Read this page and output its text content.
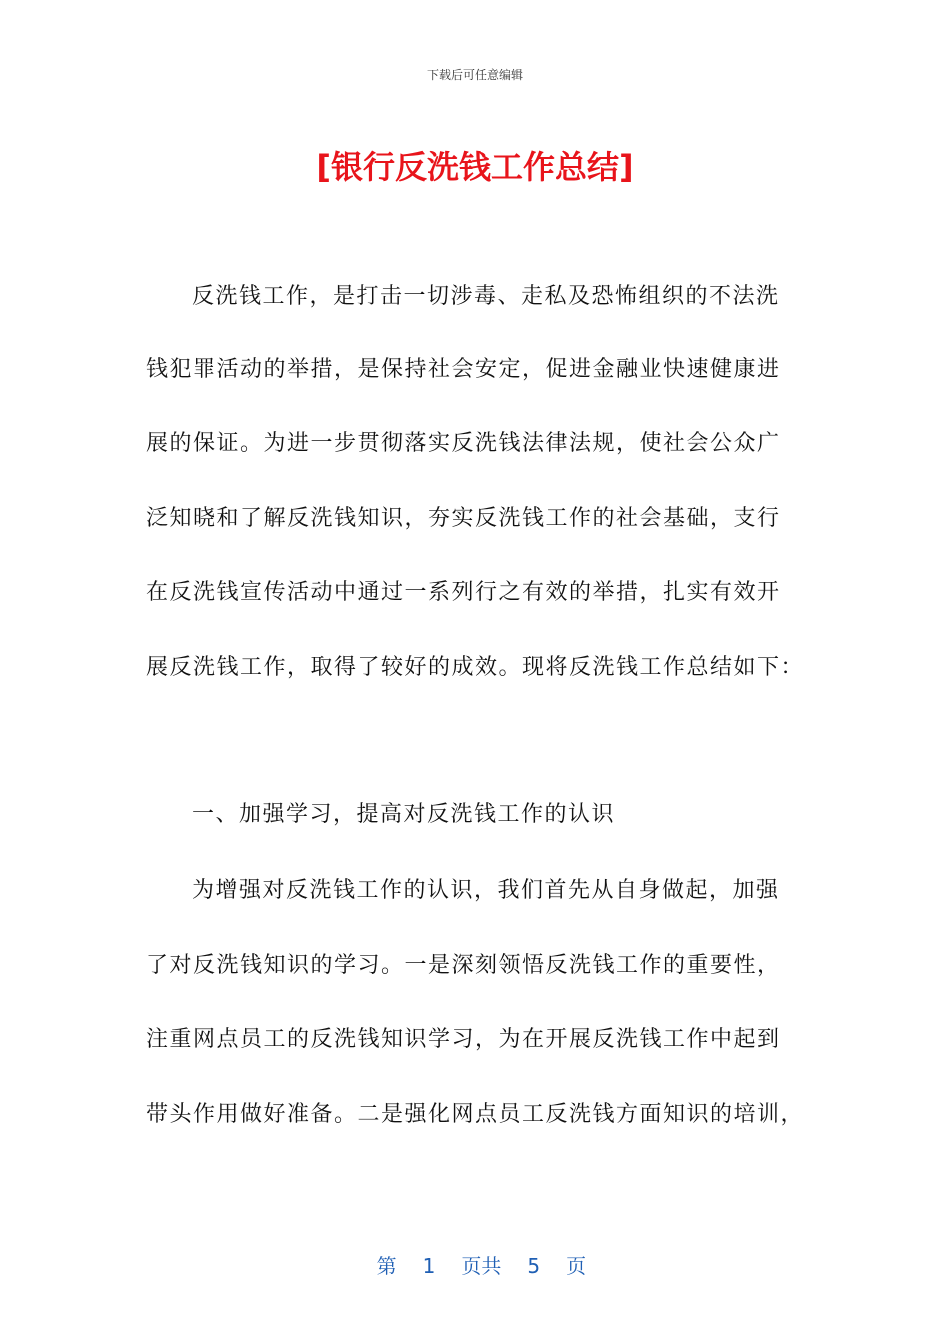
下载后可任意编辑
[银行反洗钱工作总结]
反洗钱工作，是打击一切涉毒、走私及恐怖组织的不法洗
钱犯罪活动的举措，是保持社会安定，促进金融业快速健康进
展的保证。为进一步贯彻落实反洗钱法律法规，使社会公众广
泛知晓和了解反洗钱知识，夯实反洗钱工作的社会基础，支行
在反洗钱宣传活动中通过一系列行之有效的举措，扎实有效开
展反洗钱工作，取得了较好的成效。现将反洗钱工作总结如下：
一、加强学习，提高对反洗钱工作的认识
为增强对反洗钱工作的认识，我们首先从自身做起，加强
了对反洗钱知识的学习。一是深刻领悟反洗钱工作的重要性，
注重网点员工的反洗钱知识学习，为在开展反洗钱工作中起到
带头作用做好准备。二是强化网点员工反洗钱方面知识的培训，

第 1 页共 5 页
